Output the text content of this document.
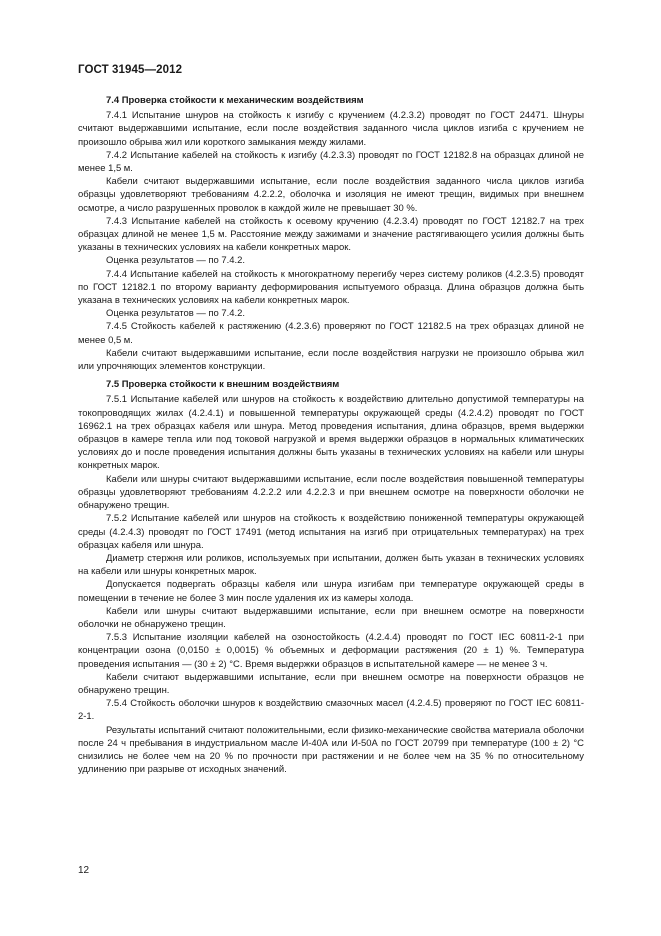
ГОСТ 31945—2012

7.4 Проверка стойкости к механическим воздействиям

7.4.1 Испытание шнуров на стойкость к изгибу с кручением (4.2.3.2) проводят по ГОСТ 24471. Шнуры считают выдержавшими испытание, если после воздействия заданного числа циклов изгиба с кручением не произошло обрыва жил или короткого замыкания между жилами.

7.4.2 Испытание кабелей на стойкость к изгибу (4.2.3.3) проводят по ГОСТ 12182.8 на образцах длиной не менее 1,5 м.

Кабели считают выдержавшими испытание, если после воздействия заданного числа циклов изгиба образцы удовлетворяют требованиям 4.2.2.2, оболочка и изоляция не имеют трещин, видимых при внешнем осмотре, а число разрушенных проволок в каждой жиле не превышает 30 %.

7.4.3 Испытание кабелей на стойкость к осевому кручению (4.2.3.4) проводят по ГОСТ 12182.7 на трех образцах длиной не менее 1,5 м. Расстояние между зажимами и значение растягивающего усилия должны быть указаны в технических условиях на кабели конкретных марок.

Оценка результатов — по 7.4.2.

7.4.4 Испытание кабелей на стойкость к многократному перегибу через систему роликов (4.2.3.5) проводят по ГОСТ 12182.1 по второму варианту деформирования испытуемого образца. Длина образцов должна быть указана в технических условиях на кабели конкретных марок.

Оценка результатов — по 7.4.2.

7.4.5 Стойкость кабелей к растяжению (4.2.3.6) проверяют по ГОСТ 12182.5 на трех образцах длиной не менее 0,5 м.

Кабели считают выдержавшими испытание, если после воздействия нагрузки не произошло обрыва жил или упрочняющих элементов конструкции.

7.5 Проверка стойкости к внешним воздействиям

7.5.1 Испытание кабелей или шнуров на стойкость к воздействию длительно допустимой температуры на токопроводящих жилах (4.2.4.1) и повышенной температуры окружающей среды (4.2.4.2) проводят по ГОСТ 16962.1 на трех образцах кабеля или шнура. Метод проведения испытания, длина образцов, время выдержки образцов в камере тепла или под токовой нагрузкой и время выдержки образцов в нормальных климатических условиях до и после проведения испытания должны быть указаны в технических условиях на кабели или шнуры конкретных марок.

Кабели или шнуры считают выдержавшими испытание, если после воздействия повышенной температуры образцы удовлетворяют требованиям 4.2.2.2 или 4.2.2.3 и при внешнем осмотре на поверхности оболочки не обнаружено трещин.

7.5.2 Испытание кабелей или шнуров на стойкость к воздействию пониженной температуры окружающей среды (4.2.4.3) проводят по ГОСТ 17491 (метод испытания на изгиб при отрицательных температурах) на трех образцах кабеля или шнура.

Диаметр стержня или роликов, используемых при испытании, должен быть указан в технических условиях на кабели или шнуры конкретных марок.

Допускается подвергать образцы кабеля или шнура изгибам при температуре окружающей среды в помещении в течение не более 3 мин после удаления их из камеры холода.

Кабели или шнуры считают выдержавшими испытание, если при внешнем осмотре на поверхности оболочки не обнаружено трещин.

7.5.3 Испытание изоляции кабелей на озоностойкость (4.2.4.4) проводят по ГОСТ IEC 60811-2-1 при концентрации озона (0,0150 ± 0,0015) % объемных и деформации растяжения (20 ± 1) %. Температура проведения испытания — (30 ± 2) °С. Время выдержки образцов в испытательной камере — не менее 3 ч.

Кабели считают выдержавшими испытание, если при внешнем осмотре на поверхности образцов не обнаружено трещин.

7.5.4 Стойкость оболочки шнуров к воздействию смазочных масел (4.2.4.5) проверяют по ГОСТ IEC 60811-2-1.

Результаты испытаний считают положительными, если физико-механические свойства материала оболочки после 24 ч пребывания в индустриальном масле И-40А или И-50А по ГОСТ 20799 при температуре (100 ± 2) °С снизились не более чем на 20 % по прочности при растяжении и не более чем на 35 % по относительному удлинению при разрыве от исходных значений.

12
